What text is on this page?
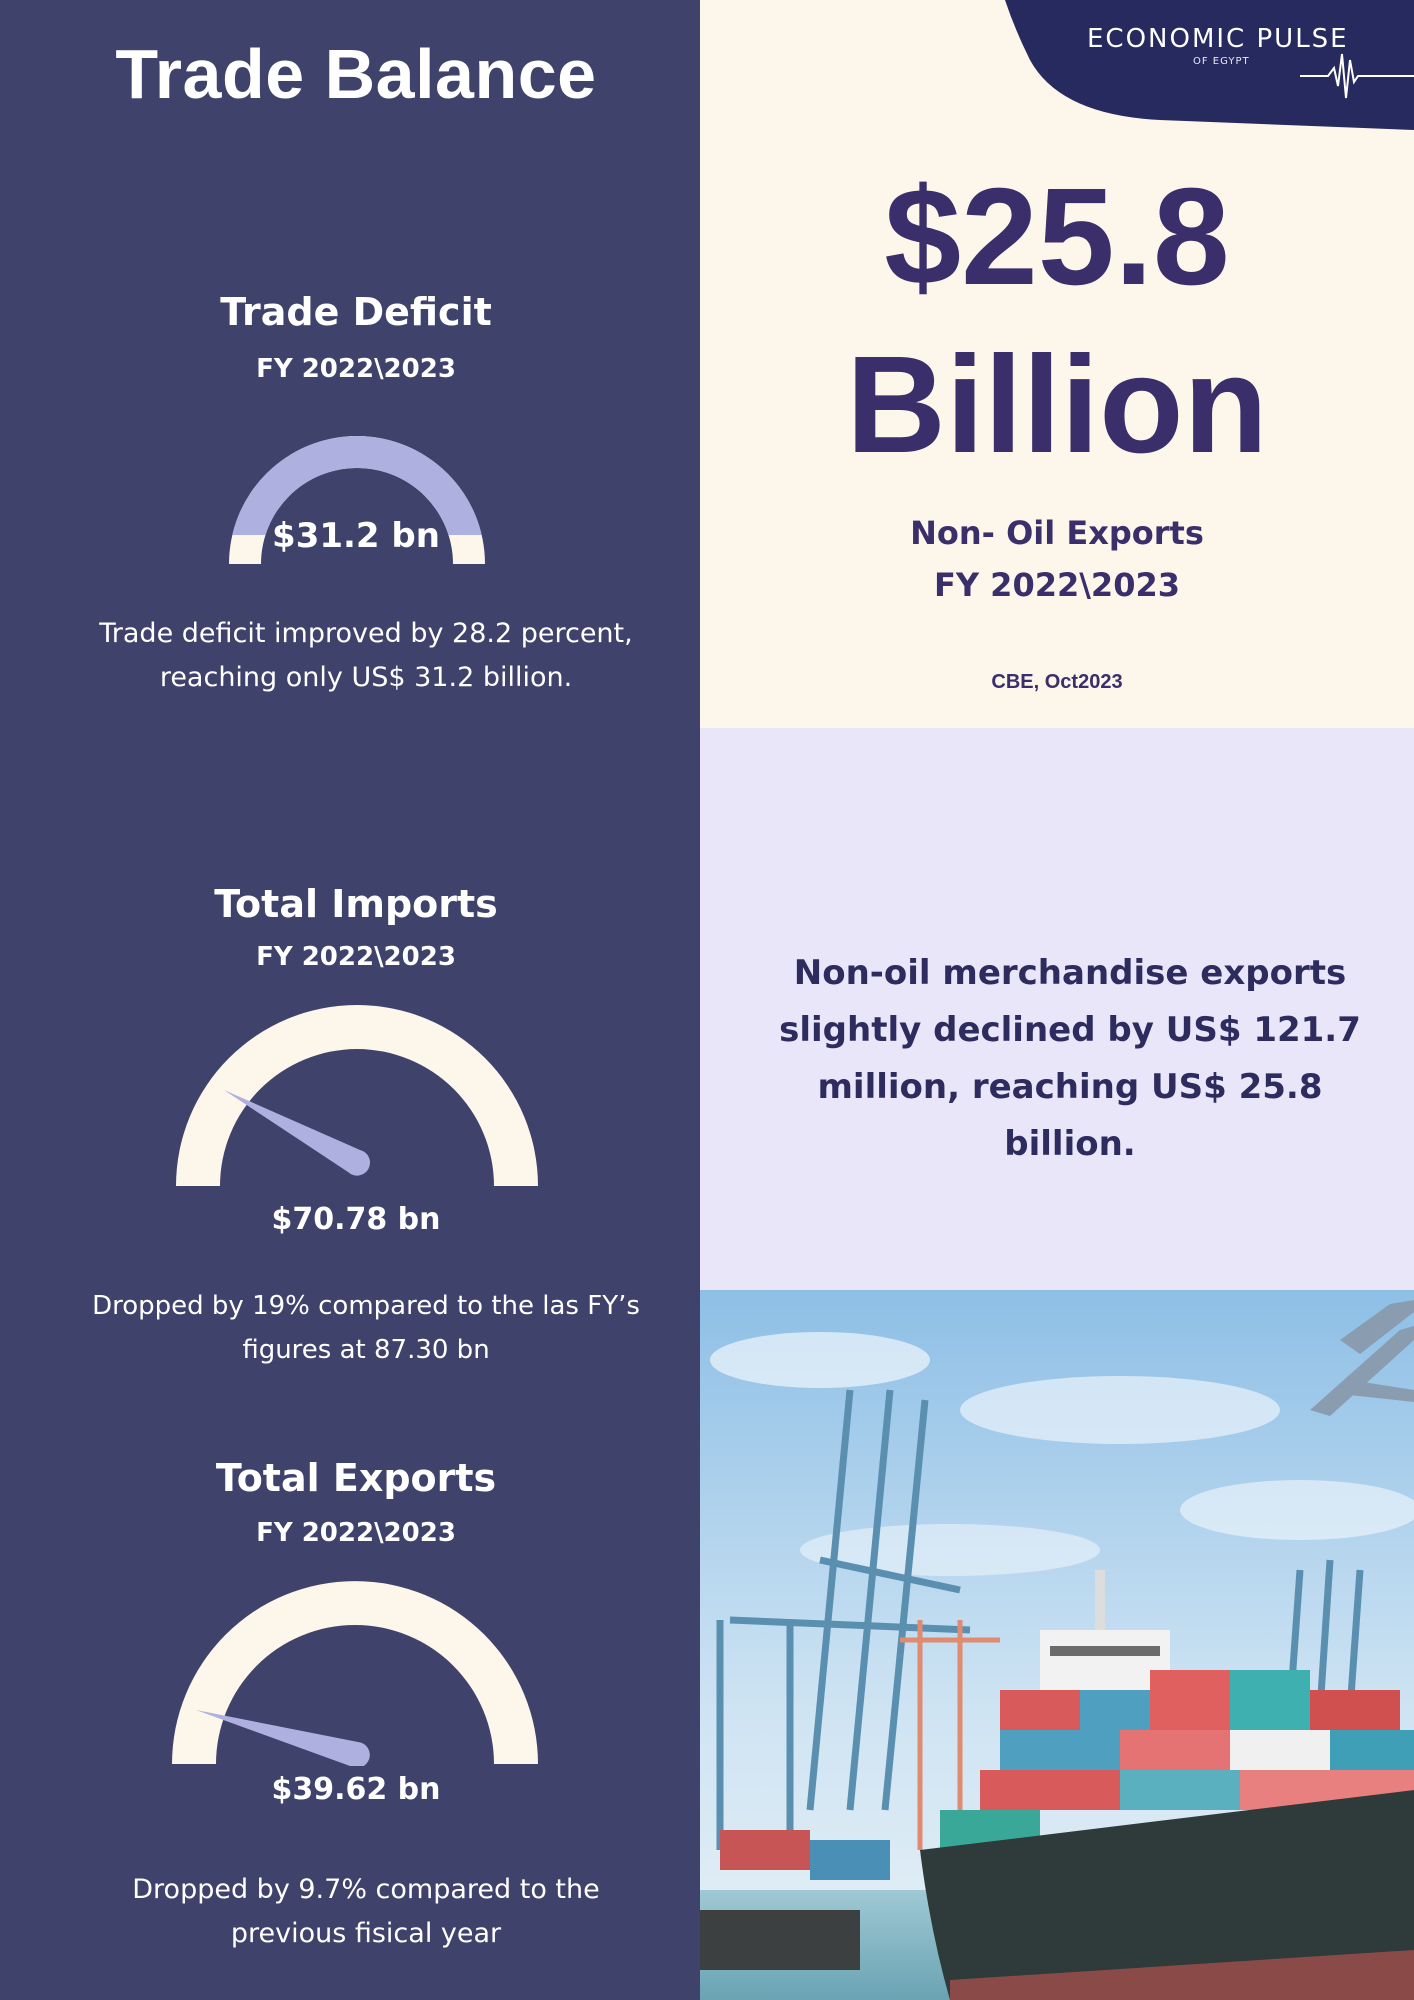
Trade Balance
Trade Deficit
FY 2022\2023
$31.2 bn
Trade deficit improved by 28.2 percent,
reaching only US$ 31.2 billion.
Total Imports
FY 2022\2023
$70.78 bn
Dropped by 19% compared to the las FY’s
figures at 87.30 bn
Total Exports
FY 2022\2023
$39.62 bn
Dropped by 9.7% compared to the
previous fisical year
ECONOMIC PULSE
OF EGYPT
$25.8
Billion
Non- Oil Exports
FY 2022\2023
CBE, Oct2023
Non-oil merchandise exports
slightly declined by US$ 121.7
million, reaching US$ 25.8 billion.
